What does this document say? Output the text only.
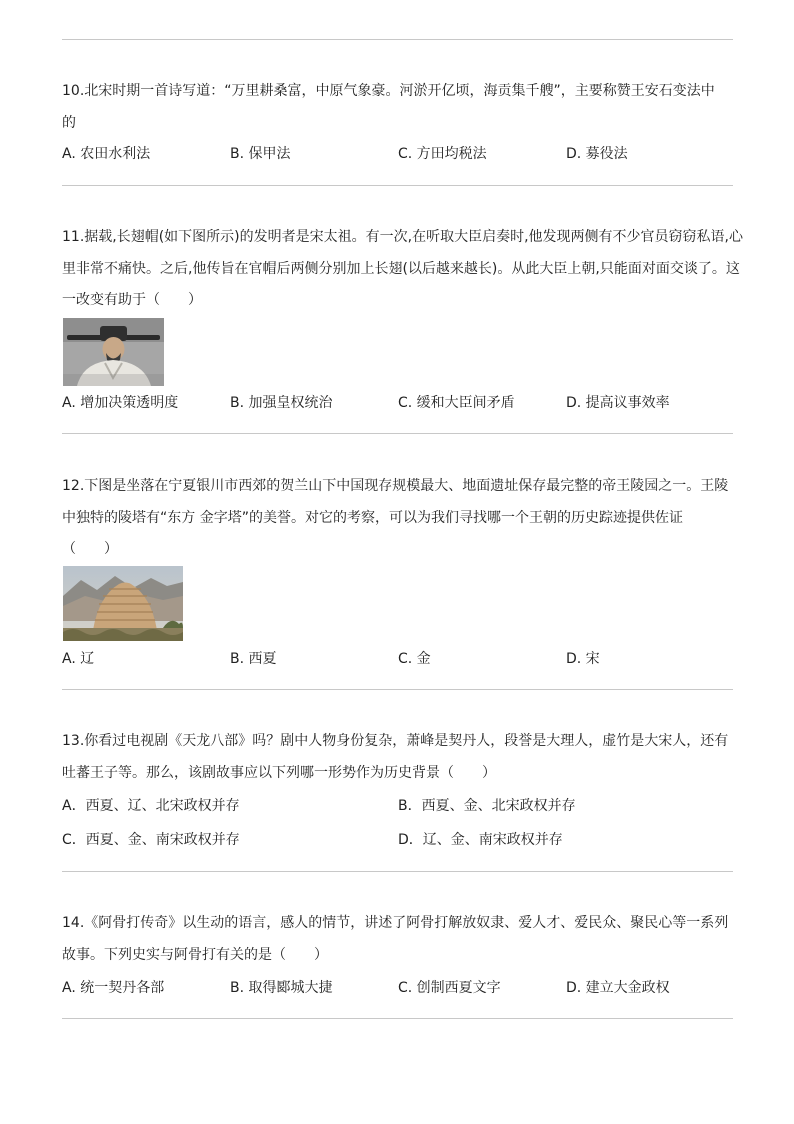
10.北宋时期一首诗写道：“万里耕桑富，中原气象豪。河淤开亿顷，海贡集千艘”，主要称赞王安石变法中
的
A. 农田水利法	B. 保甲法	C. 方田均税法	D. 募役法
11.据载,长翅帽(如下图所示)的发明者是宋太祖。有一次,在听取大臣启奏时,他发现两侧有不少官员窃窃私语,心
里非常不痛快。之后,他传旨在官帽后两侧分别加上长翅(以后越来越长)。从此大臣上朝,只能面对面交谈了。这
一改变有助于（　　）
A. 增加决策透明度	B. 加强皇权统治	C. 缓和大臣间矛盾	D. 提高议事效率
12.下图是坐落在宁夏银川市西郊的贺兰山下中国现存规模最大、地面遗址保存最完整的帝王陵园之一。王陵
中独特的陵塔有“东方 金字塔”的美誉。对它的考察，可以为我们寻找哪一个王朝的历史踪迹提供佐证
（　　）
A. 辽	B. 西夏	C. 金	D. 宋
13.你看过电视剧《天龙八部》吗？剧中人物身份复杂，萧峰是契丹人，段誉是大理人，虚竹是大宋人，还有
吐蕃王子等。那么，该剧故事应以下列哪一形势作为历史背景（　　）
A．西夏、辽、北宋政权并存	B．西夏、金、北宋政权并存
C．西夏、金、南宋政权并存	D．辽、金、南宋政权并存
14.《阿骨打传奇》以生动的语言，感人的情节，讲述了阿骨打解放奴隶、爱人才、爱民众、聚民心等一系列
故事。下列史实与阿骨打有关的是（　　）
A. 统一契丹各部	B. 取得郾城大捷	C. 创制西夏文字	D. 建立大金政权
